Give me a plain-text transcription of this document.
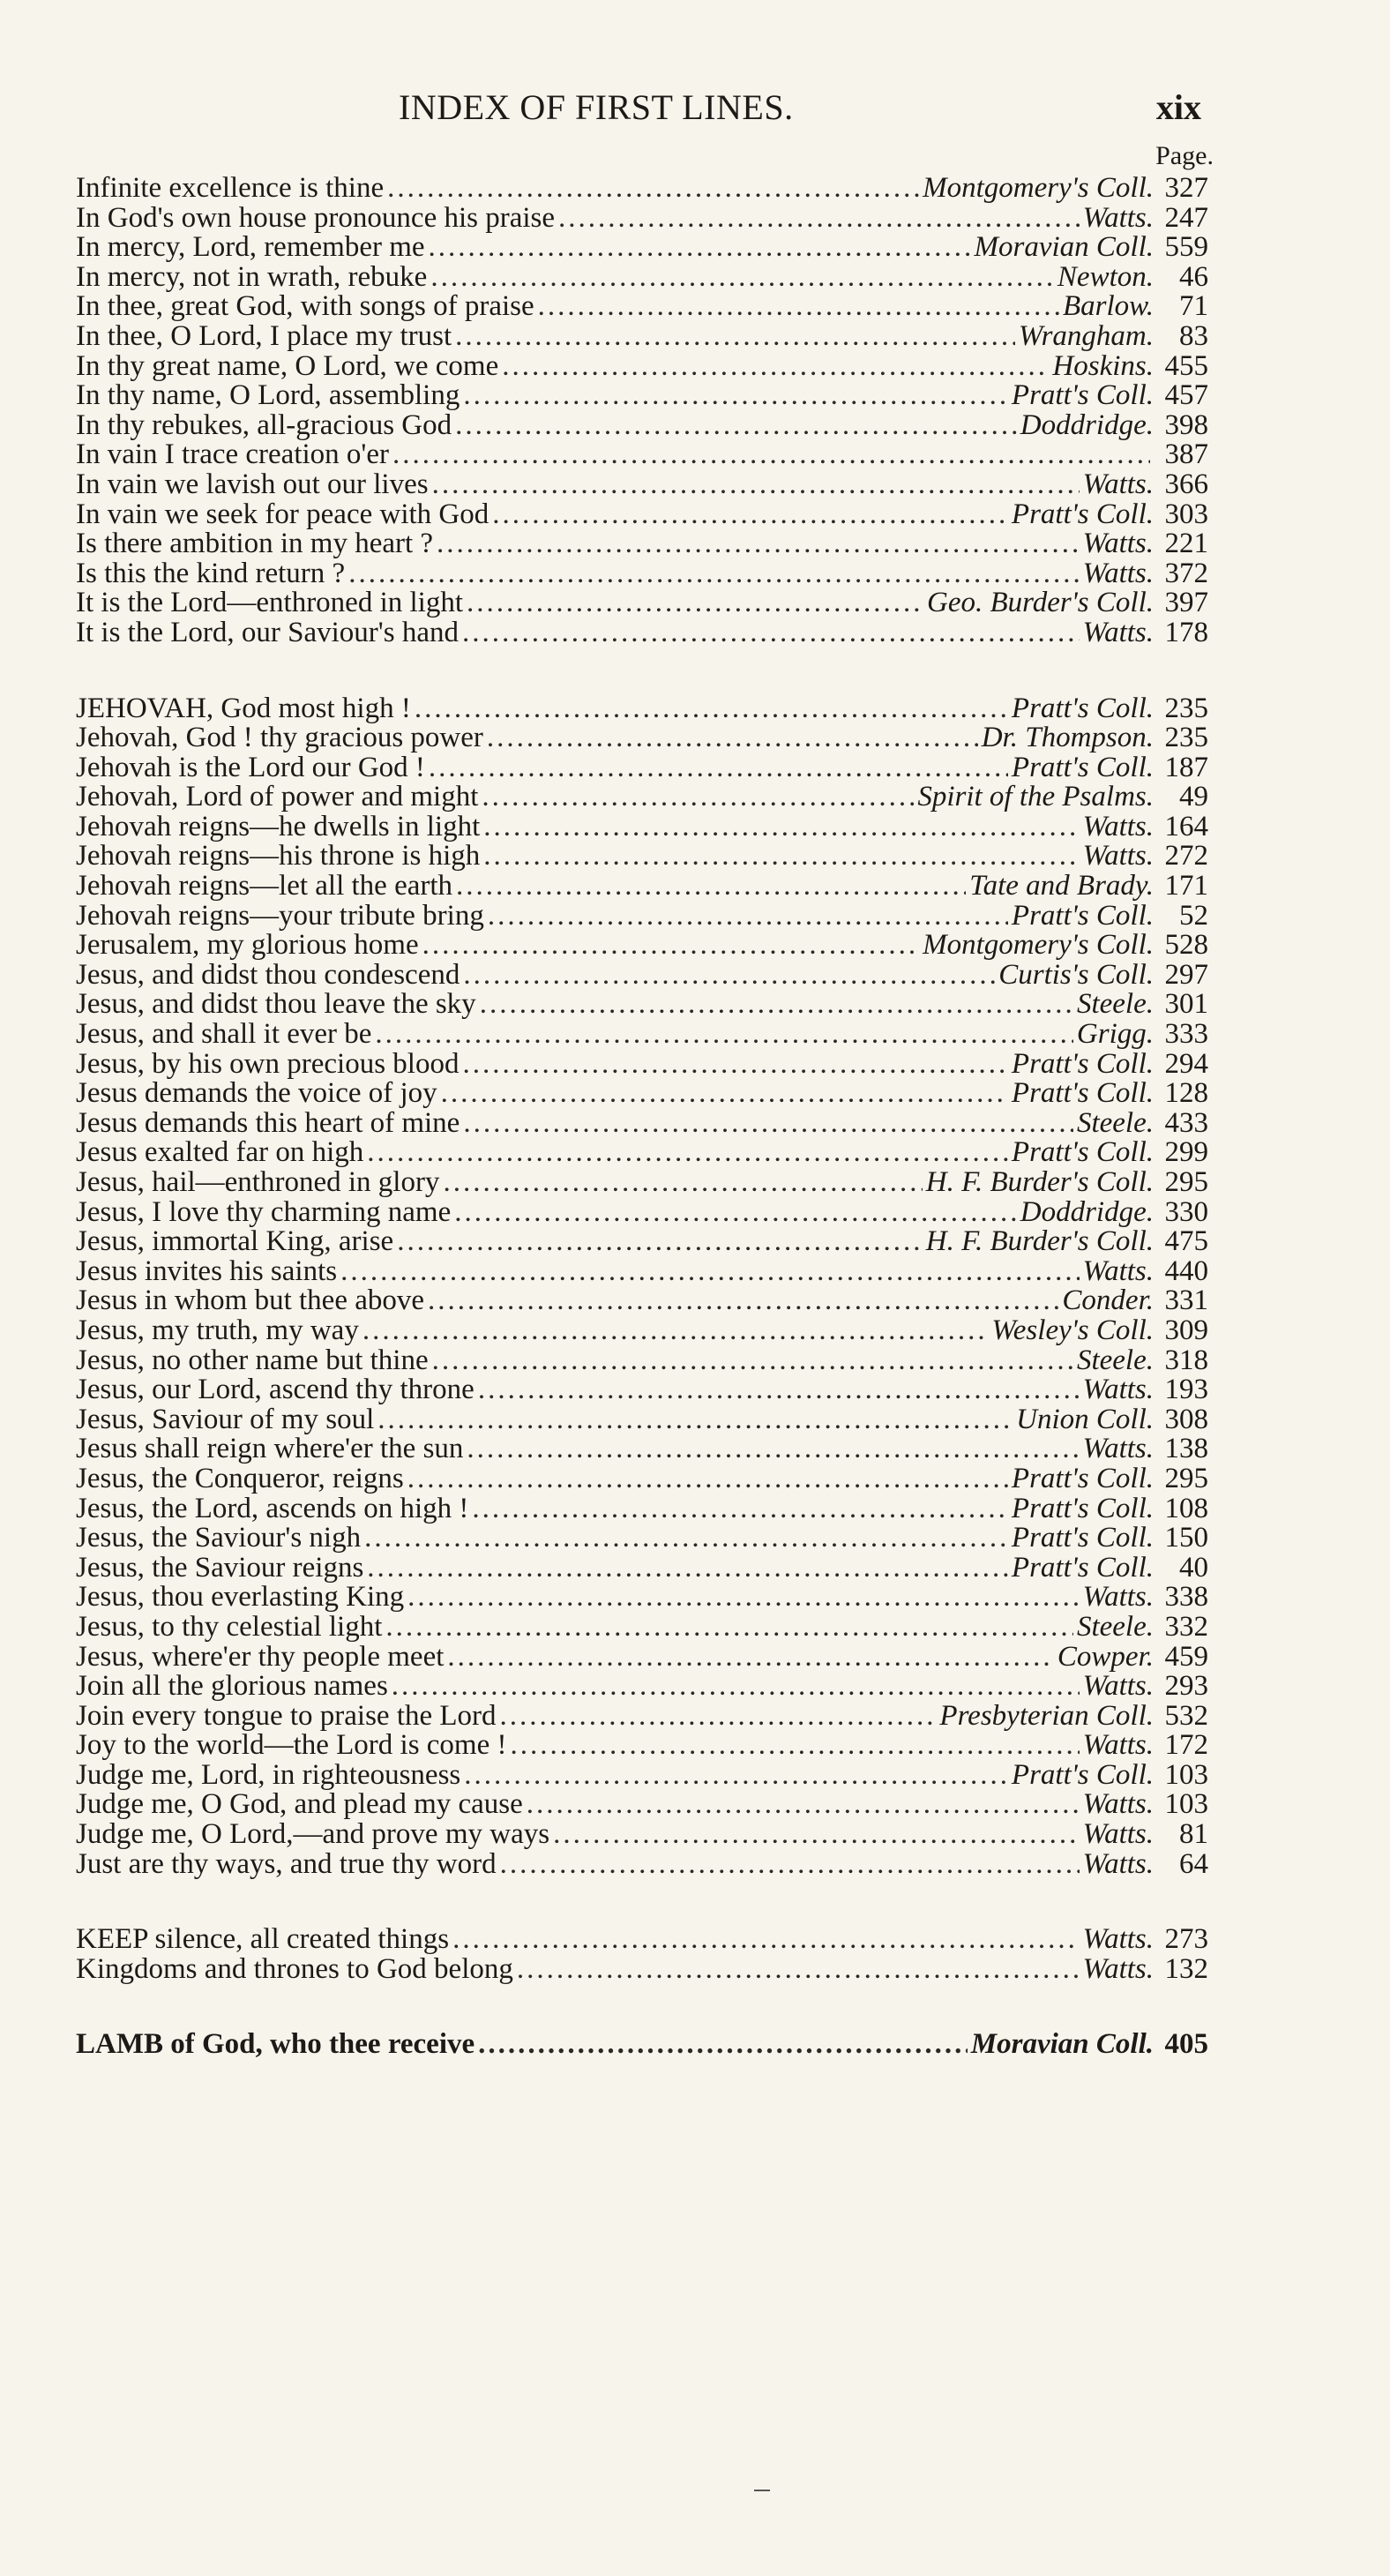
INDEX OF FIRST LINES.	xix
Page.
Infinite excellence is thine .....	Montgomery's Coll. 327
In God's own house pronounce his praise .....	Watts. 247
In mercy, Lord, remember me .....	Moravian Coll. 559
In mercy, not in wrath, rebuke .....	Newton. 46
In thee, great God, with songs of praise .....	Barlow. 71
In thee, O Lord, I place my trust .....	Wrangham. 83
In thy great name, O Lord, we come .....	Hoskins. 455
In thy name, O Lord, assembling .....	Pratt's Coll. 457
In thy rebukes, all-gracious God .....	Doddridge. 398
In vain I trace creation o'er .....	387
In vain we lavish out our lives .....	Watts. 366
In vain we seek for peace with God .....	Pratt's Coll. 303
Is there ambition in my heart ? .....	Watts. 221
Is this the kind return ? .....	Watts. 372
It is the Lord—enthroned in light .....	Geo. Burder's Coll. 397
It is the Lord, our Saviour's hand .....	Watts. 178
JEHOVAH, God most high ! .....	Pratt's Coll. 235
Jehovah, God ! thy gracious power .....	Dr. Thompson. 235
Jehovah is the Lord our God ! .....	Pratt's Coll. 187
Jehovah, Lord of power and might .....	Spirit of the Psalms. 49
Jehovah reigns—he dwells in light .....	Watts. 164
Jehovah reigns—his throne is high .....	Watts. 272
Jehovah reigns—let all the earth .....	Tate and Brady. 171
Jehovah reigns—your tribute bring .....	Pratt's Coll. 52
Jerusalem, my glorious home .....	Montgomery's Coll. 528
Jesus, and didst thou condescend .....	Curtis's Coll. 297
Jesus, and didst thou leave the sky .....	Steele. 301
Jesus, and shall it ever be .....	Grigg. 333
Jesus, by his own precious blood .....	Pratt's Coll. 294
Jesus demands the voice of joy .....	Pratt's Coll. 128
Jesus demands this heart of mine .....	Steele. 433
Jesus exalted far on high .....	Pratt's Coll. 299
Jesus, hail—enthroned in glory .....	H. F. Burder's Coll. 295
Jesus, I love thy charming name .....	Doddridge. 330
Jesus, immortal King, arise .....	H. F. Burder's Coll. 475
Jesus invites his saints .....	Watts. 440
Jesus in whom but thee above .....	Conder. 331
Jesus, my truth, my way .....	Wesley's Coll. 309
Jesus, no other name but thine .....	Steele. 318
Jesus, our Lord, ascend thy throne .....	Watts. 193
Jesus, Saviour of my soul .....	Union Coll. 308
Jesus shall reign where'er the sun .....	Watts. 138
Jesus, the Conqueror, reigns .....	Pratt's Coll. 295
Jesus, the Lord, ascends on high ! .....	Pratt's Coll. 108
Jesus, the Saviour's nigh .....	Pratt's Coll. 150
Jesus, the Saviour reigns .....	Pratt's Coll. 40
Jesus, thou everlasting King .....	Watts. 338
Jesus, to thy celestial light .....	Steele. 332
Jesus, where'er thy people meet .....	Cowper. 459
Join all the glorious names .....	Watts. 293
Join every tongue to praise the Lord .....	Presbyterian Coll. 532
Joy to the world—the Lord is come ! .....	Watts. 172
Judge me, Lord, in righteousness .....	Pratt's Coll. 103
Judge me, O God, and plead my cause .....	Watts. 103
Judge me, O Lord,—and prove my ways .....	Watts. 81
Just are thy ways, and true thy word .....	Watts. 64
KEEP silence, all created things .....	Watts. 273
Kingdoms and thrones to God belong .....	Watts. 132
LAMB of God, who thee receive .....	Moravian Coll. 405
